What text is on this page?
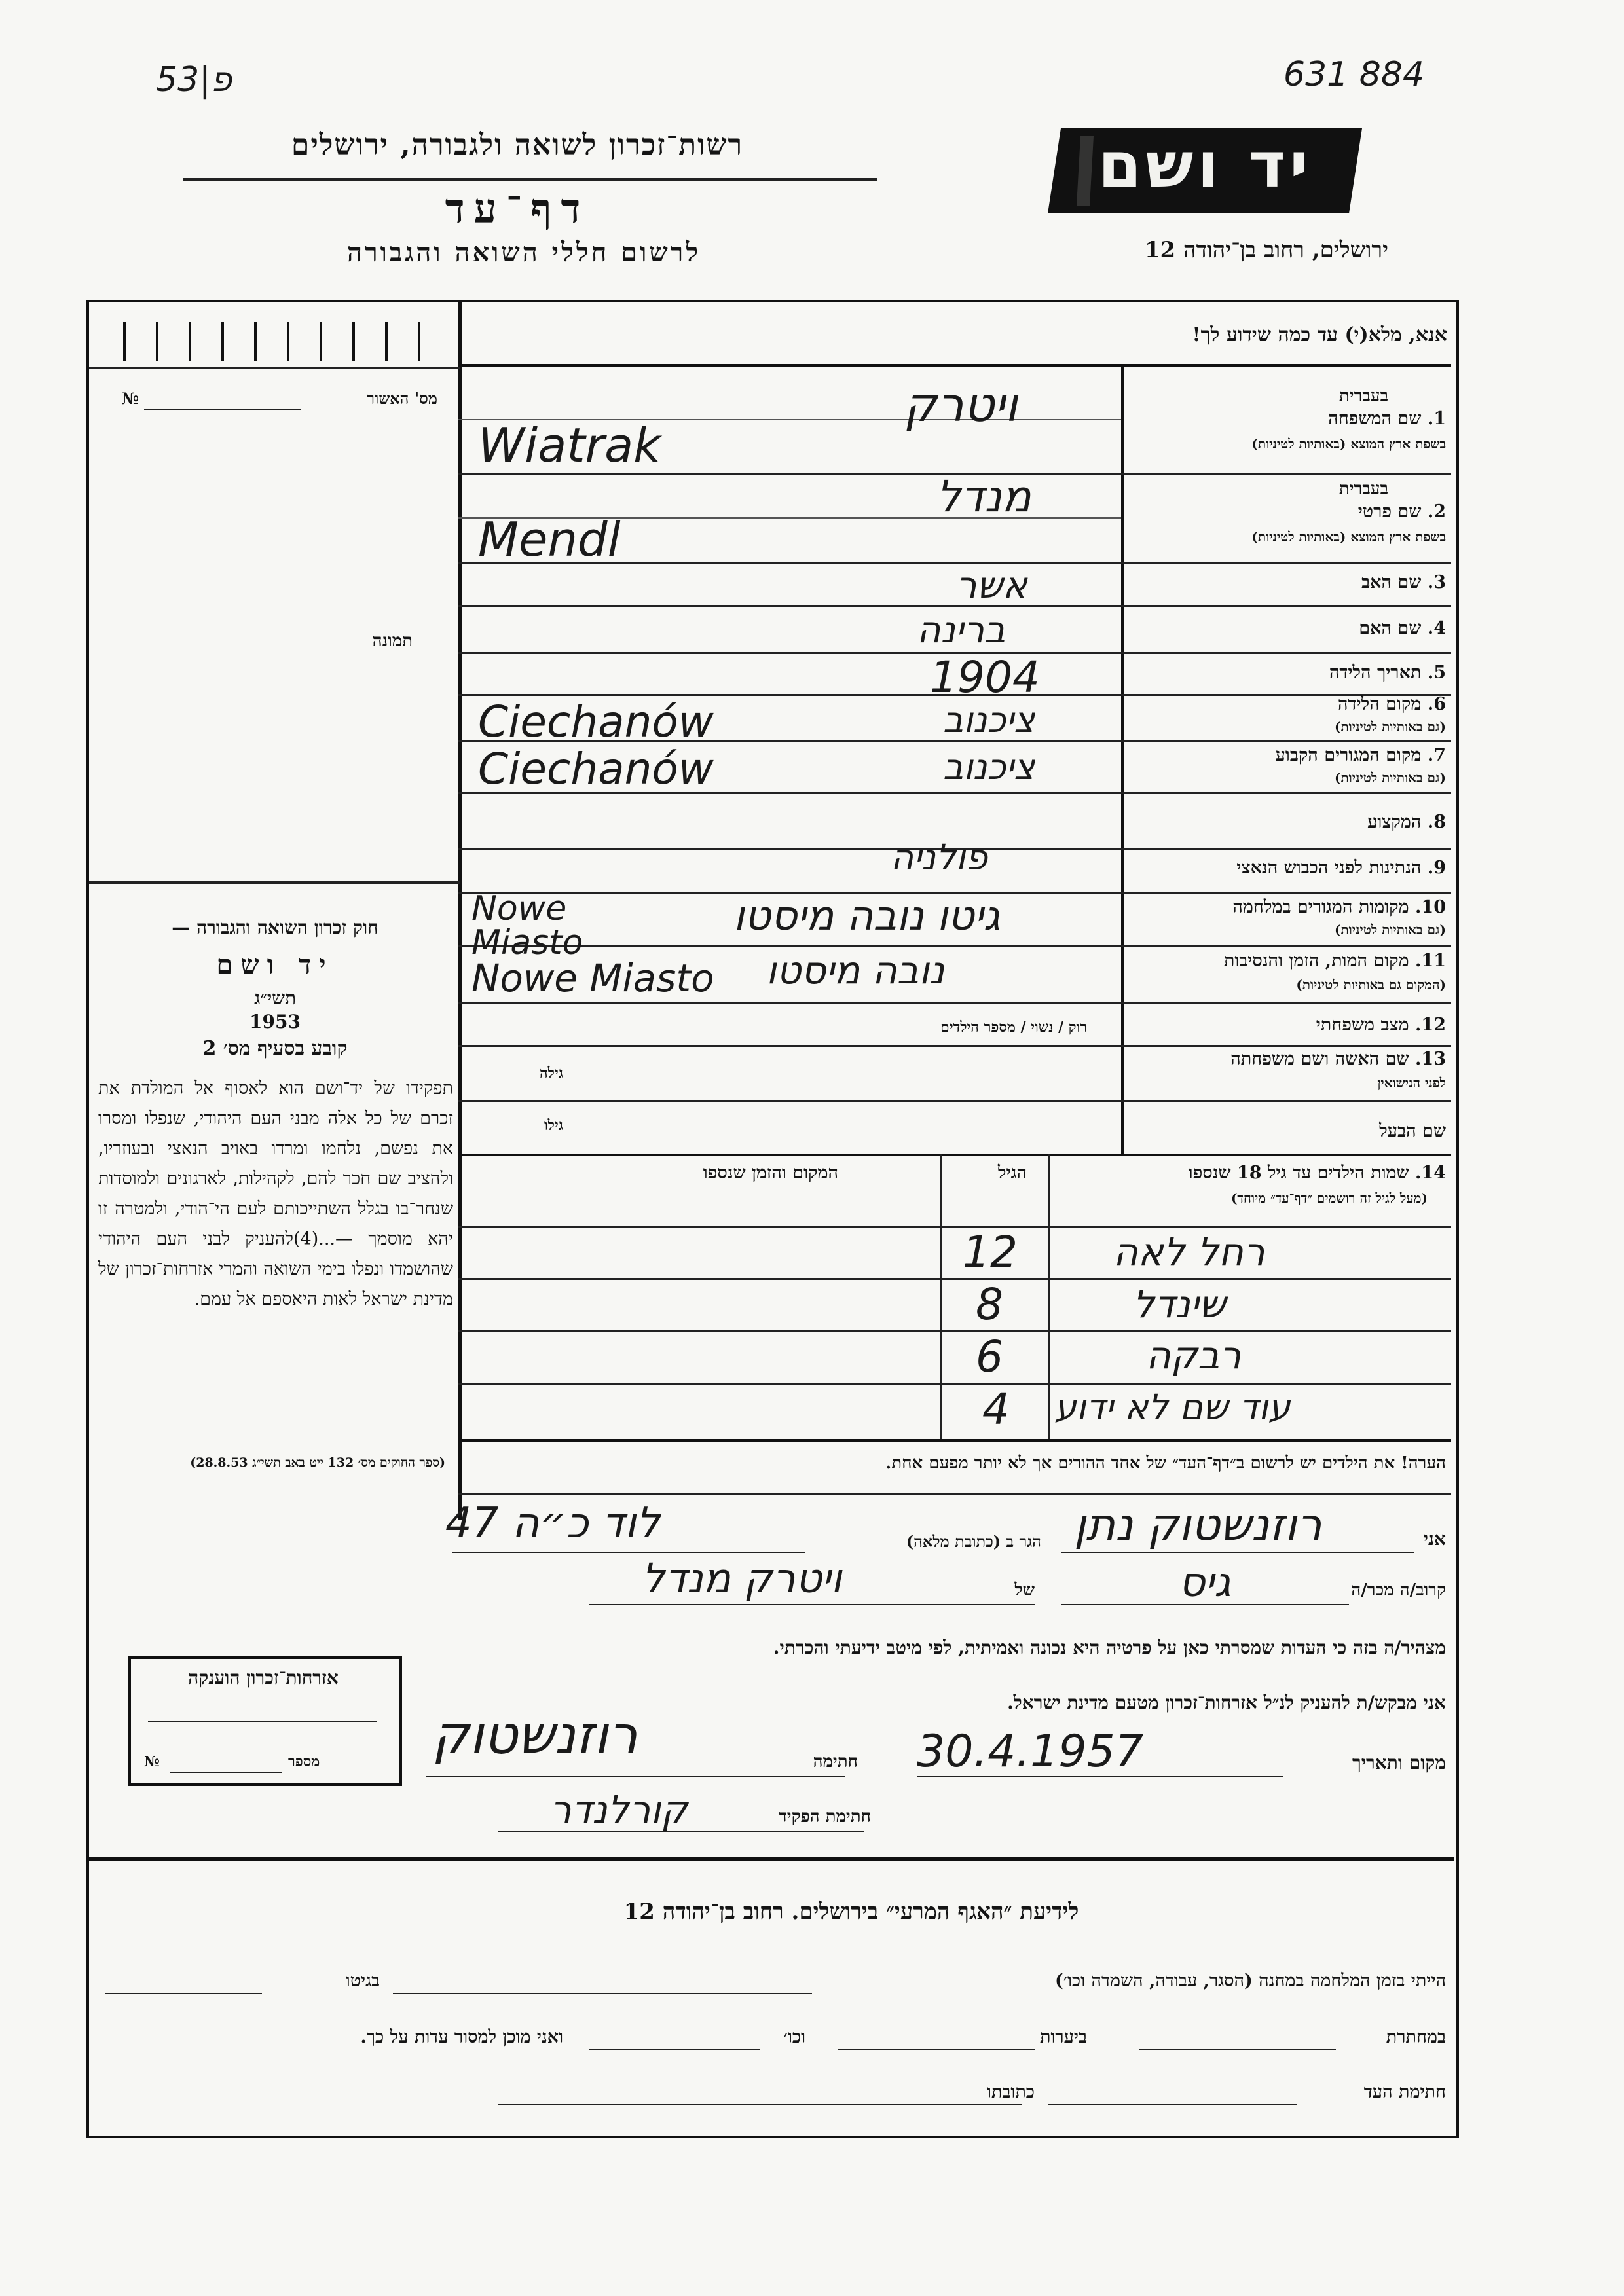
53|פ	631 884
רשות־זכרון לשואה ולגבורה, ירושלים
דף־עד
לרשום חללי השואה והגבורה
יד ושם
ירושלים, רחוב בן־יהודה 12
מס' האשור
№
תמונה
חוק זכרון השואה והגבורה —
יד ושם
תשי״ג
1953
קובע בסעיף מס׳ 2
תפקידו של יד־ושם הוא לאסוף אל המולדת את זכרם של כל אלה מבני העם היהודי, שנפלו ומסרו את נפשם, נלחמו ומרדו באויב הנאצי ובעוזריו, ולהציב שם חכר להם, לקהילות, לארגונים ולמוסדות שנחר־בו בגלל השתייכותם לעם הי־הודי, ולמטרה זו יהא מוסמך —...(4)להעניק לבני העם היהודי שהושמדו ונפלו בימי השואה והמרי אזרחות־זכרון של מדינת ישראל לאות היאספם אל עמם.
(ספר החוקים מס׳ 132 ייט באב תשי״ג 28.8.53)
אזרחות־זכרון הוענקה
מספר
№
אנא, מלא(י) עד כמה שידוע לך!
בעברית
1. שם המשפחה
בשפת ארץ המוצא (באותיות לטיניות)
בעברית
2. שם פרטי
בשפת ארץ המוצא (באותיות לטיניות)
3. שם האב
4. שם האם
5. תאריך הלידה
6. מקום הלידה
(גם באותיות לטיניות)
7. מקום המגורים הקבוע
(גם באותיות לטיניות)
8. המקצוע
9. הנתינות לפני הכבוש הנאצי
10. מקומות המגורים במלחמה
(גם באותיות לטיניות)
11. מקום המות, הזמן והנסיבות
(המקום גם באותיות לטיניות)
12. מצב משפחתי
רוק / נשוי / מספר הילדים
13. שם האשה ושם משפחתה
לפני הנישואין
גילה
שם הבעל
גילו
ויטרק
Wiatrak
מנדל
Mendl
אשר
ברינה
1904
ציכנוב
Ciechanów
ציכנוב
Ciechanów
פולניה
גיטו נובה מיסטו
Nowe Miasto
נובה מיסטו
Nowe Miasto
14. שמות הילדים עד גיל 18 שנספו
(מעל לגיל זה רושמים ״דף־עד״ מיוחד)
הגיל
המקום והזמן שנספו
רחל לאה
12
שינדל
8
רבקה
6
עוד שם לא ידוע
4
הערה! את הילדים יש לרשום ב״דף־העד״ של אחד ההורים אך לא יותר מפעם אחת.
אני
רוזנשטוק נתן
הגר ב (כתובת מלאה)
לוד כ״ה 47
קרוב/ה מכר/ה
גיס
של
ויטרק מנדל
מצהיר/ה בזה כי העדות שמסרתי כאן על פרטיה היא נכונה ואמיתית, לפי מיטב ידיעתי והכרתי.
אני מבקש/ת להעניק לנ״ל אזרחות־זכרון מטעם מדינת ישראל.
מקום ותאריך
30.4.1957
חתימה
רוזנשטוק
חתימת הפקיד
קורלנדר
לידיעת ״האגף המרעי״ בירושלים. רחוב בן־יהודה 12
הייתי בזמן המלחמה במחנה (הסגר, עבודה, השמדה וכו׳)
בגיטו
במחתרת
ביערות
וכו׳
ואני מוכן למסור עדות על כך.
חתימת העד
כתובתו
